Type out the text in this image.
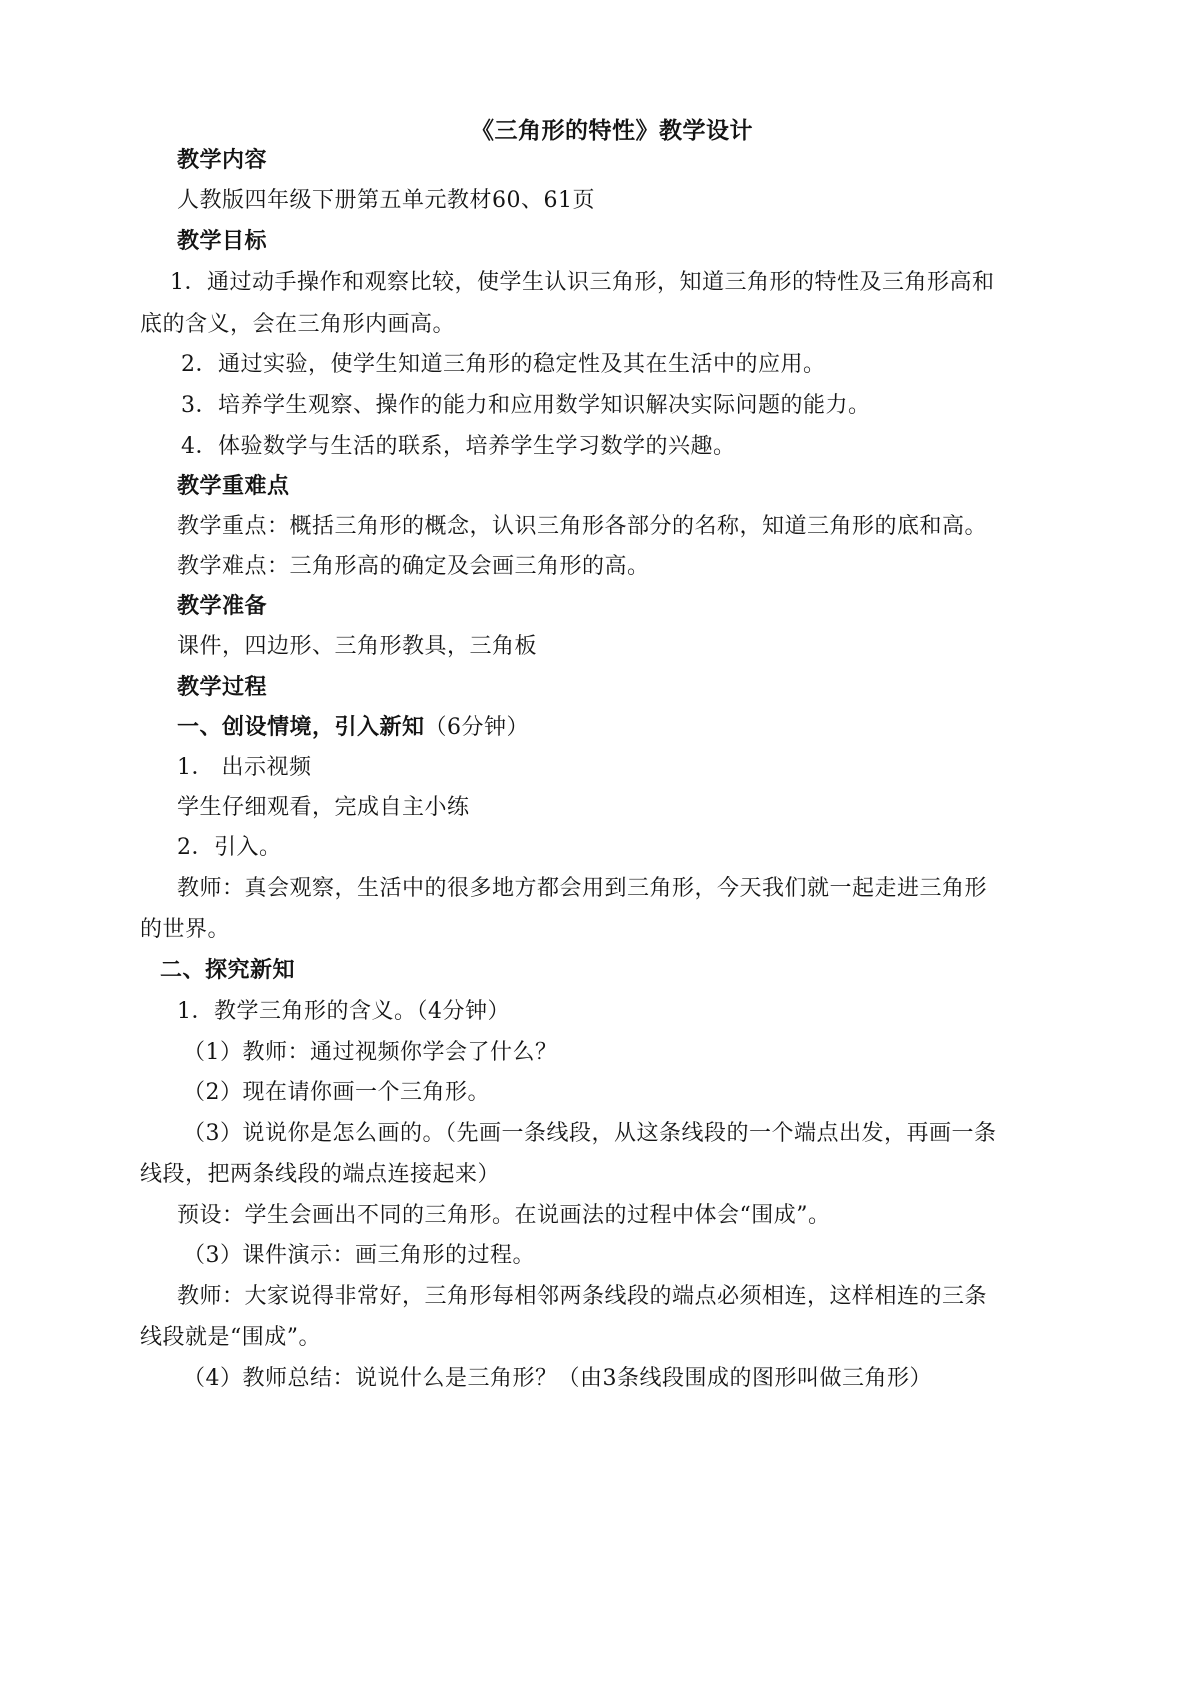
《三角形的特性》教学设计
教学内容
人教版四年级下册第五单元教材60、61页
教学目标
1．通过动手操作和观察比较，使学生认识三角形，知道三角形的特性及三角形高和
底的含义，会在三角形内画高。
2．通过实验，使学生知道三角形的稳定性及其在生活中的应用。
3．培养学生观察、操作的能力和应用数学知识解决实际问题的能力。
4．体验数学与生活的联系，培养学生学习数学的兴趣。
教学重难点
教学重点：概括三角形的概念，认识三角形各部分的名称，知道三角形的底和高。
教学难点：三角形高的确定及会画三角形的高。
教学准备
课件，四边形、三角形教具，三角板
教学过程
一、创设情境，引入新知（6分钟）
1． 出示视频
学生仔细观看，完成自主小练
2．引入。
教师：真会观察，生活中的很多地方都会用到三角形，今天我们就一起走进三角形
的世界。
二、探究新知
1．教学三角形的含义。（4分钟）
（1）教师：通过视频你学会了什么？
（2）现在请你画一个三角形。
（3）说说你是怎么画的。（先画一条线段，从这条线段的一个端点出发，再画一条
线段，把两条线段的端点连接起来）
预设：学生会画出不同的三角形。在说画法的过程中体会“围成”。
（3）课件演示：画三角形的过程。
教师：大家说得非常好，三角形每相邻两条线段的端点必须相连，这样相连的三条
线段就是“围成”。
（4）教师总结：说说什么是三角形？（由3条线段围成的图形叫做三角形）
